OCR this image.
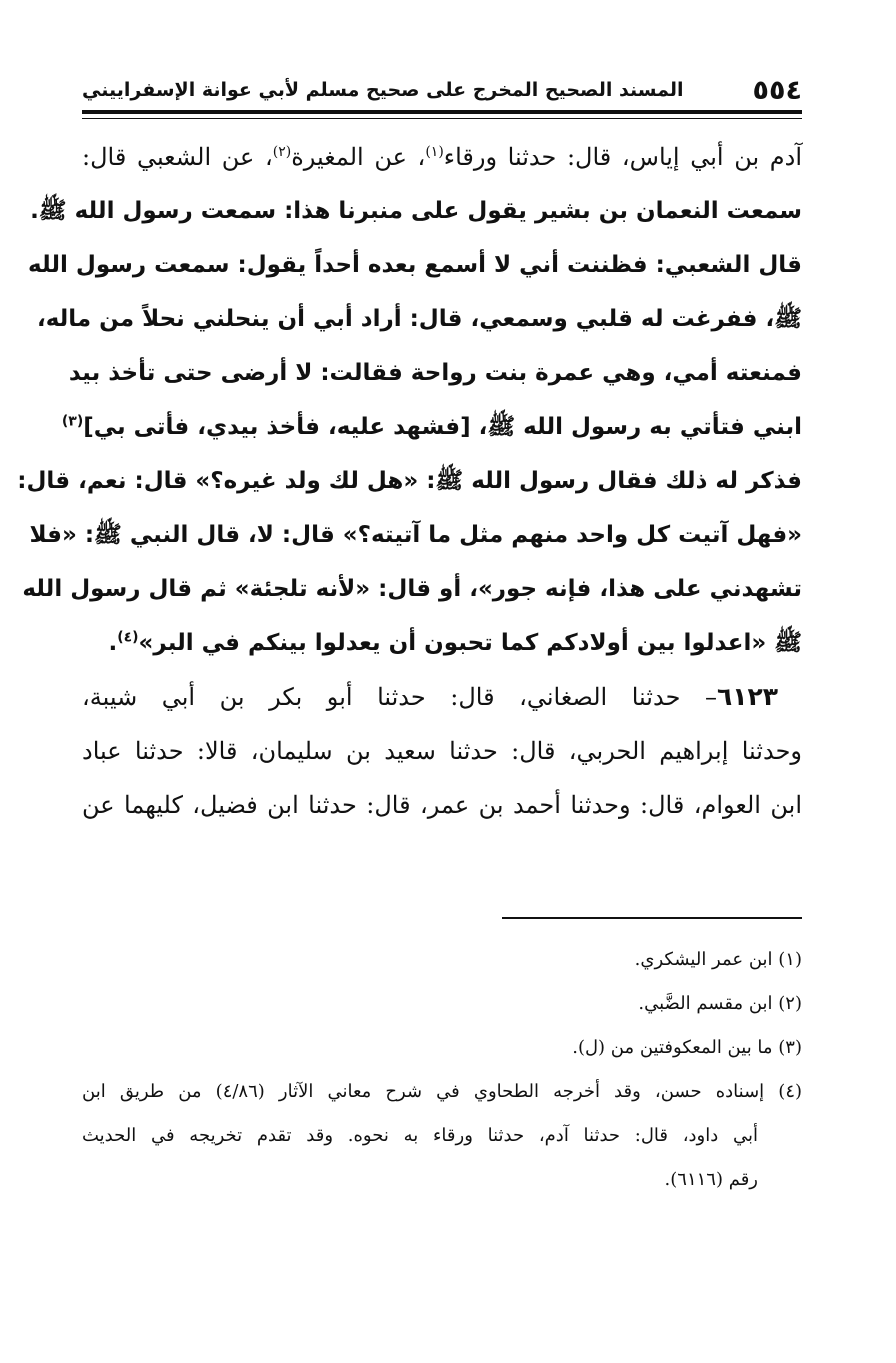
٥٥٤
المسند الصحيح المخرج على صحيح مسلم لأبي عوانة الإسفراييني
آدم بن أبي إياس، قال: حدثنا ورقاء$^{(١)}$، عن المغيرة$^{(٢)}$، عن الشعبي قال:
سمعت النعمان بن بشير يقول على منبرنا هذا: سمعت رسول الله ﷺ.
قال الشعبي: فظننت أني لا أسمع بعده أحداً يقول: سمعت رسول الله
ﷺ، ففرغت له قلبي وسمعي، قال: أراد أبي أن ينحلني نحلاً من ماله،
فمنعته أمي، وهي عمرة بنت رواحة فقالت: لا أرضى حتى تأخذ بيد
ابني فتأتي به رسول الله ﷺ، [فشهد عليه، فأخذ بيدي، فأتى بي]$^{(٣)}$
فذكر له ذلك فقال رسول الله ﷺ: «هل لك ولد غيره؟» قال: نعم، قال:
«فهل آتيت كل واحد منهم مثل ما آتيته؟» قال: لا، قال النبي ﷺ: «فلا
تشهدني على هذا، فإنه جور»، أو قال: «لأنه تلجئة» ثم قال رسول الله
ﷺ «اعدلوا بين أولادكم كما تحبون أن يعدلوا بينكم في البر»$^{(٤)}$.
 ٦١٢٣– حدثنا الصغاني، قال: حدثنا أبو بكر بن أبي شيبة،
وحدثنا إبراهيم الحربي، قال: حدثنا سعيد بن سليمان، قالا: حدثنا عباد
ابن العوام، قال: وحدثنا أحمد بن عمر، قال: حدثنا ابن فضيل، كليهما عن
(١) ابن عمر اليشكري.
(٢) ابن مقسم الضَّبي.
(٣) ما بين المعكوفتين من (ل).
(٤) إسناده حسن، وقد أخرجه الطحاوي في شرح معاني الآثار (٤/٨٦) من طريق ابن
أبي داود، قال: حدثنا آدم، حدثنا ورقاء به نحوه. وقد تقدم تخريجه في الحديث
رقم (٦١١٦).
